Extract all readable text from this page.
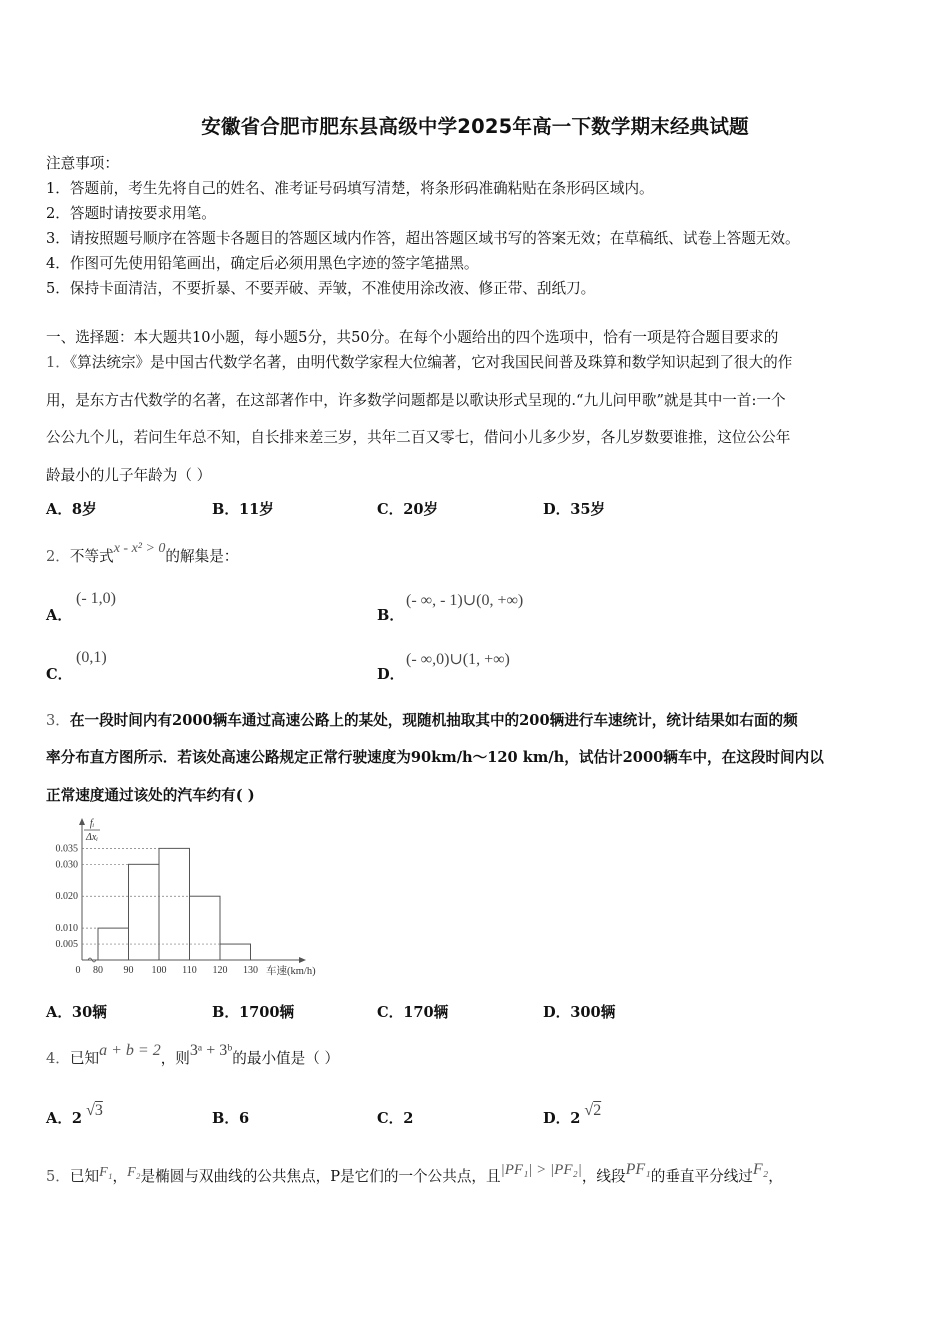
安徽省合肥市肥东县高级中学2025年高一下数学期末经典试题
注意事项：
1．答题前，考生先将自己的姓名、准考证号码填写清楚，将条形码准确粘贴在条形码区域内。
2．答题时请按要求用笔。
3．请按照题号顺序在答题卡各题目的答题区域内作答，超出答题区域书写的答案无效；在草稿纸、试卷上答题无效。
4．作图可先使用铅笔画出，确定后必须用黑色字迹的签字笔描黑。
5．保持卡面清洁，不要折暴、不要弄破、弄皱，不准使用涂改液、修正带、刮纸刀。
一、选择题：本大题共10小题，每小题5分，共50分。在每个小题给出的四个选项中，恰有一项是符合题目要求的
1．《算法统宗》是中国古代数学名著，由明代数学家程大位编著，它对我国民间普及珠算和数学知识起到了很大的作
用，是东方古代数学的名著，在这部著作中，许多数学问题都是以歌诀形式呈现的.“九儿问甲歌”就是其中一首:一个
公公九个儿，若问生年总不知，自长排来差三岁，共年二百又零七，借问小儿多少岁，各儿岁数要谁推，这位公公年
龄最小的儿子年龄为（ ）
A．8岁	B．11岁	C．20岁	D．35岁
2．不等式x - x² > 0的解集是：
A．
(- 1,0)
B．
(- ∞, - 1)∪(0, +∞)
C．
(0,1)
D．
(- ∞,0)∪(1, +∞)
3．在一段时间内有2000辆车通过高速公路上的某处，现随机抽取其中的200辆进行车速统计，统计结果如右面的频
率分布直方图所示．若该处高速公路规定正常行驶速度为90km/h～120 km/h，试估计2000辆车中，在这段时间内以
正常速度通过该处的汽车约有( )
0.005
0.010
0.020
0.030
0.035
80 90 100 110 120 130
0	车速(km/h)
fᵢ
Δxᵢ
A．30辆	B．1700辆	C．170辆	D．300辆
4．已知a + b = 2，则3ᵃ + 3ᵇ的最小值是（ ）
A．2 √3	B．6	C．2	D．2 √2
5．已知F₁，F₂是椭圆与双曲线的公共焦点，P是它们的一个公共点，且|PF₁| > |PF₂|，线段PF₁的垂直平分线过F₂，
